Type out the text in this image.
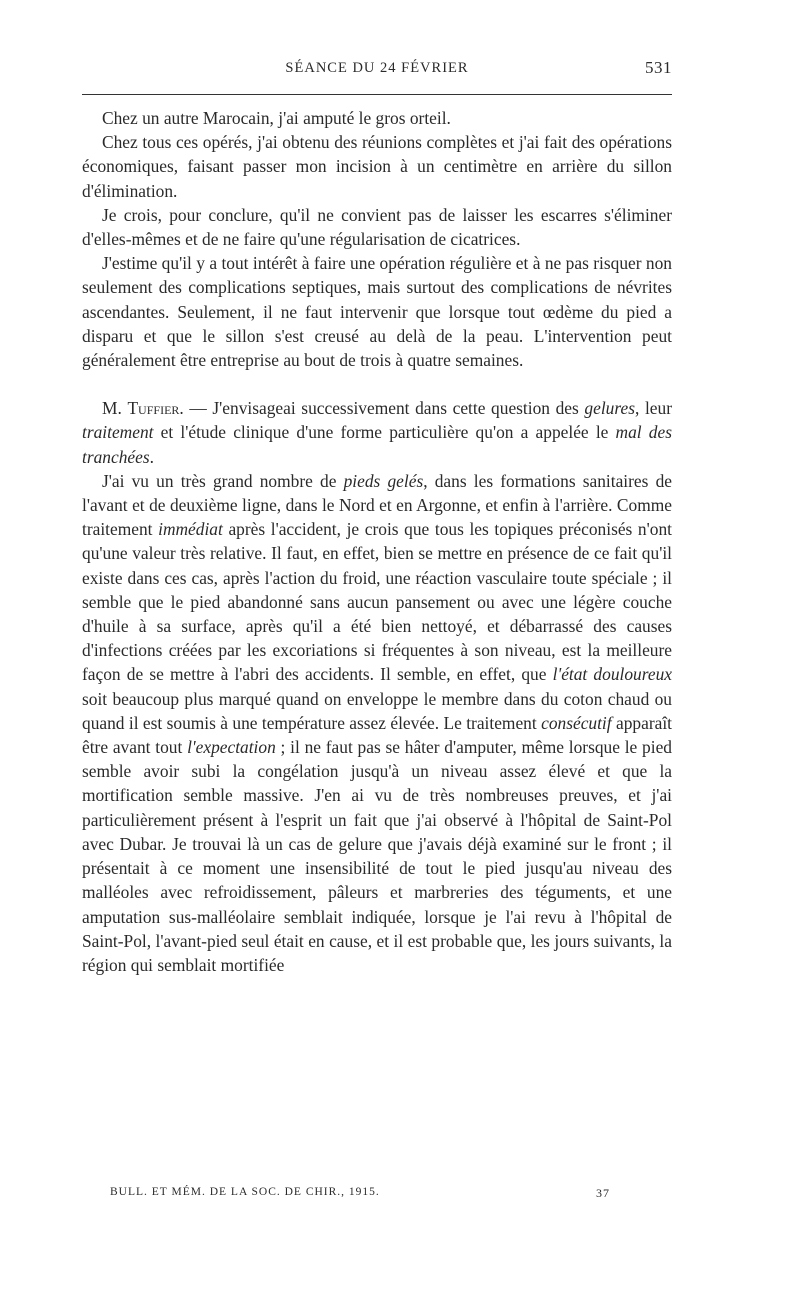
SÉANCE DU 24 FÉVRIER	531

Chez un autre Marocain, j'ai amputé le gros orteil.

Chez tous ces opérés, j'ai obtenu des réunions complètes et j'ai fait des opérations économiques, faisant passer mon incision à un centimètre en arrière du sillon d'élimination.

Je crois, pour conclure, qu'il ne convient pas de laisser les escarres s'éliminer d'elles-mêmes et de ne faire qu'une régularisation de cicatrices.

J'estime qu'il y a tout intérêt à faire une opération régulière et à ne pas risquer non seulement des complications septiques, mais surtout des complications de névrites ascendantes. Seulement, il ne faut intervenir que lorsque tout œdème du pied a disparu et que le sillon s'est creusé au delà de la peau. L'intervention peut généralement être entreprise au bout de trois à quatre semaines.

M. Tuffier. — J'envisageai successivement dans cette question des gelures, leur traitement et l'étude clinique d'une forme particulière qu'on a appelée le mal des tranchées.

J'ai vu un très grand nombre de pieds gelés, dans les formations sanitaires de l'avant et de deuxième ligne, dans le Nord et en Argonne, et enfin à l'arrière. Comme traitement immédiat après l'accident, je crois que tous les topiques préconisés n'ont qu'une valeur très relative. Il faut, en effet, bien se mettre en présence de ce fait qu'il existe dans ces cas, après l'action du froid, une réaction vasculaire toute spéciale ; il semble que le pied abandonné sans aucun pansement ou avec une légère couche d'huile à sa surface, après qu'il a été bien nettoyé, et débarrassé des causes d'infections créées par les excoriations si fréquentes à son niveau, est la meilleure façon de se mettre à l'abri des accidents. Il semble, en effet, que l'état douloureux soit beaucoup plus marqué quand on enveloppe le membre dans du coton chaud ou quand il est soumis à une température assez élevée. Le traitement consécutif apparaît être avant tout l'expectation ; il ne faut pas se hâter d'amputer, même lorsque le pied semble avoir subi la congélation jusqu'à un niveau assez élevé et que la mortification semble massive. J'en ai vu de très nombreuses preuves, et j'ai particulièrement présent à l'esprit un fait que j'ai observé à l'hôpital de Saint-Pol avec Dubar. Je trouvai là un cas de gelure que j'avais déjà examiné sur le front ; il présentait à ce moment une insensibilité de tout le pied jusqu'au niveau des malléoles avec refroidissement, pâleurs et marbreries des téguments, et une amputation sus-malléolaire semblait indiquée, lorsque je l'ai revu à l'hôpital de Saint-Pol, l'avant-pied seul était en cause, et il est probable que, les jours suivants, la région qui semblait mortifiée

BULL. ET MÉM. DE LA SOC. DE CHIR., 1915.	37
